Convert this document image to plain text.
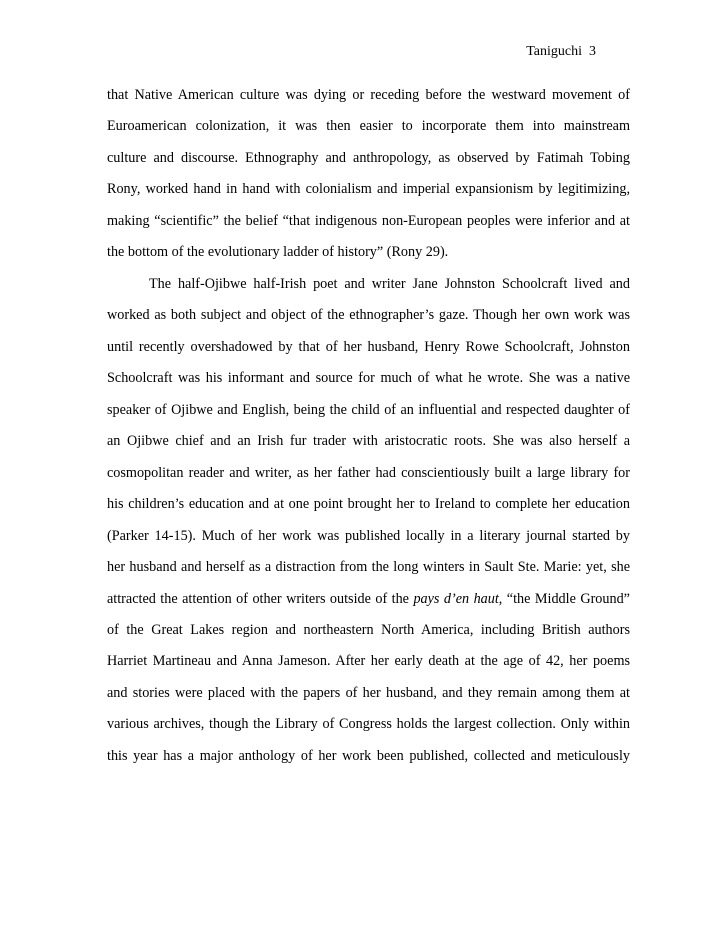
Taniguchi 3
that Native American culture was dying or receding before the westward movement of
Euroamerican colonization, it was then easier to incorporate them into mainstream
culture and discourse. Ethnography and anthropology, as observed by Fatimah Tobing
Rony, worked hand in hand with colonialism and imperial expansionism by legitimizing,
making “scientific” the belief “that indigenous non-European peoples were inferior and at
the bottom of the evolutionary ladder of history” (Rony 29).
The half-Ojibwe half-Irish poet and writer Jane Johnston Schoolcraft lived and
worked as both subject and object of the ethnographer’s gaze. Though her own work was
until recently overshadowed by that of her husband, Henry Rowe Schoolcraft, Johnston
Schoolcraft was his informant and source for much of what he wrote. She was a native
speaker of Ojibwe and English, being the child of an influential and respected daughter of
an Ojibwe chief and an Irish fur trader with aristocratic roots. She was also herself a
cosmopolitan reader and writer, as her father had conscientiously built a large library for
his children’s education and at one point brought her to Ireland to complete her education
(Parker 14-15). Much of her work was published locally in a literary journal started by
her husband and herself as a distraction from the long winters in Sault Ste. Marie: yet, she
attracted the attention of other writers outside of the pays d’en haut, “the Middle Ground”
of the Great Lakes region and northeastern North America, including British authors
Harriet Martineau and Anna Jameson. After her early death at the age of 42, her poems
and stories were placed with the papers of her husband, and they remain among them at
various archives, though the Library of Congress holds the largest collection. Only within
this year has a major anthology of her work been published, collected and meticulously
